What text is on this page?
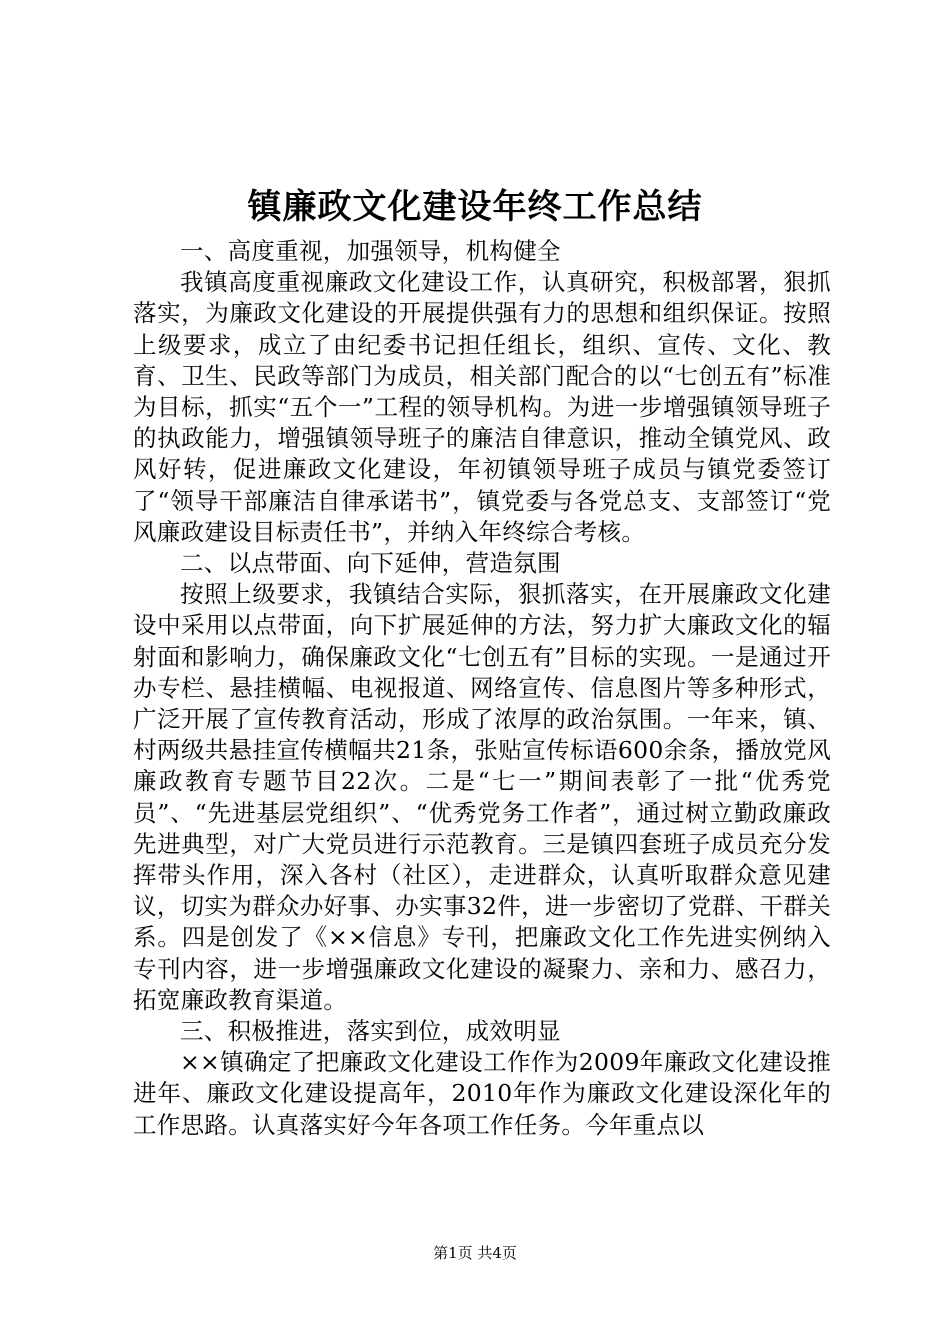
镇廉政文化建设年终工作总结

一、高度重视，加强领导，机构健全

我镇高度重视廉政文化建设工作，认真研究，积极部署，狠抓落实，为廉政文化建设的开展提供强有力的思想和组织保证。按照上级要求，成立了由纪委书记担任组长，组织、宣传、文化、教育、卫生、民政等部门为成员，相关部门配合的以“七创五有”标准为目标，抓实“五个一”工程的领导机构。为进一步增强镇领导班子的执政能力，增强镇领导班子的廉洁自律意识，推动全镇党风、政风好转，促进廉政文化建设，年初镇领导班子成员与镇党委签订了“领导干部廉洁自律承诺书”，镇党委与各党总支、支部签订“党风廉政建设目标责任书”，并纳入年终综合考核。

二、以点带面、向下延伸，营造氛围

按照上级要求，我镇结合实际，狠抓落实，在开展廉政文化建设中采用以点带面，向下扩展延伸的方法，努力扩大廉政文化的辐射面和影响力，确保廉政文化“七创五有”目标的实现。一是通过开办专栏、悬挂横幅、电视报道、网络宣传、信息图片等多种形式，广泛开展了宣传教育活动，形成了浓厚的政治氛围。一年来，镇、村两级共悬挂宣传横幅共21条，张贴宣传标语600余条，播放党风廉政教育专题节目22次。二是“七一”期间表彰了一批“优秀党员”、“先进基层党组织”、“优秀党务工作者”，通过树立勤政廉政先进典型，对广大党员进行示范教育。三是镇四套班子成员充分发挥带头作用，深入各村（社区），走进群众，认真听取群众意见建议，切实为群众办好事、办实事32件，进一步密切了党群、干群关系。四是创发了《××信息》专刊，把廉政文化工作先进实例纳入专刊内容，进一步增强廉政文化建设的凝聚力、亲和力、感召力，拓宽廉政教育渠道。

三、积极推进，落实到位，成效明显

××镇确定了把廉政文化建设工作作为2009年廉政文化建设推进年、廉政文化建设提高年，2010年作为廉政文化建设深化年的工作思路。认真落实好今年各项工作任务。今年重点以

第1页 共4页
